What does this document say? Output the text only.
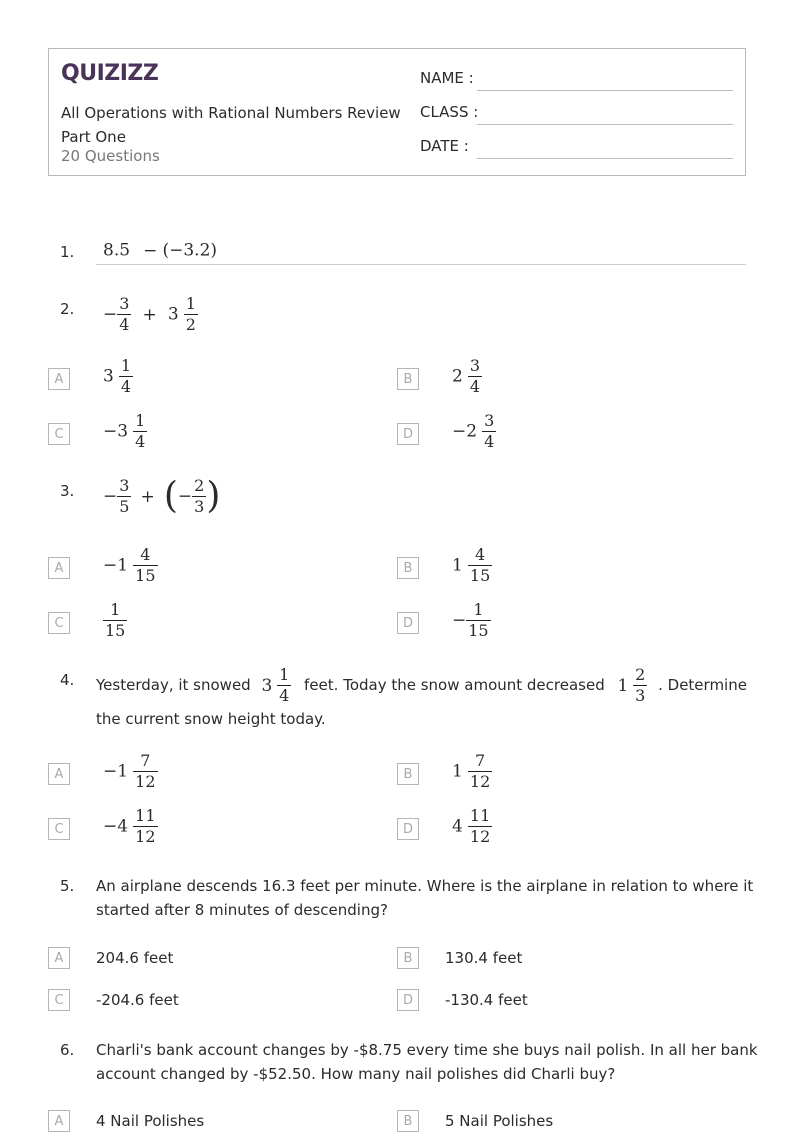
QUIZIZZ
All Operations with Rational Numbers Review Part One
20 Questions
NAME :
CLASS :
DATE :
1. 8.5 − (−3.2)
2. − $\frac{3}{4} + 3 \frac{1}{2}$
A	$3 \frac{1}{4}$	B	$2 \frac{3}{4}$
C	$-3 \frac{1}{4}$	D	$-2 \frac{3}{4}$
3. − $\frac{3}{5}$ + (− $\frac{2}{3}$ )
A	$-1 \frac{4}{15}$	B	$1 \frac{4}{15}$
C	$\frac{1}{15}$	D	− $\frac{1}{15}$
4. Yesterday, it snowed $3 \frac{1}{4}$ feet. Today the snow amount decreased $1 \frac{2}{3}$ . Determine
the current snow height today.
A	$-1 \frac{7}{12}$	B	$1 \frac{7}{12}$
C	$-4 \frac{11}{12}$	D	$4 \frac{11}{12}$
5. An airplane descends 16.3 feet per minute. Where is the airplane in relation to where it
started after 8 minutes of descending?
A	204.6 feet	B	130.4 feet
C	-204.6 feet	D	-130.4 feet
6. Charli's bank account changes by -$8.75 every time she buys nail polish. In all her bank
account changed by -$52.50. How many nail polishes did Charli buy?
A	4 Nail Polishes	B	5 Nail Polishes
